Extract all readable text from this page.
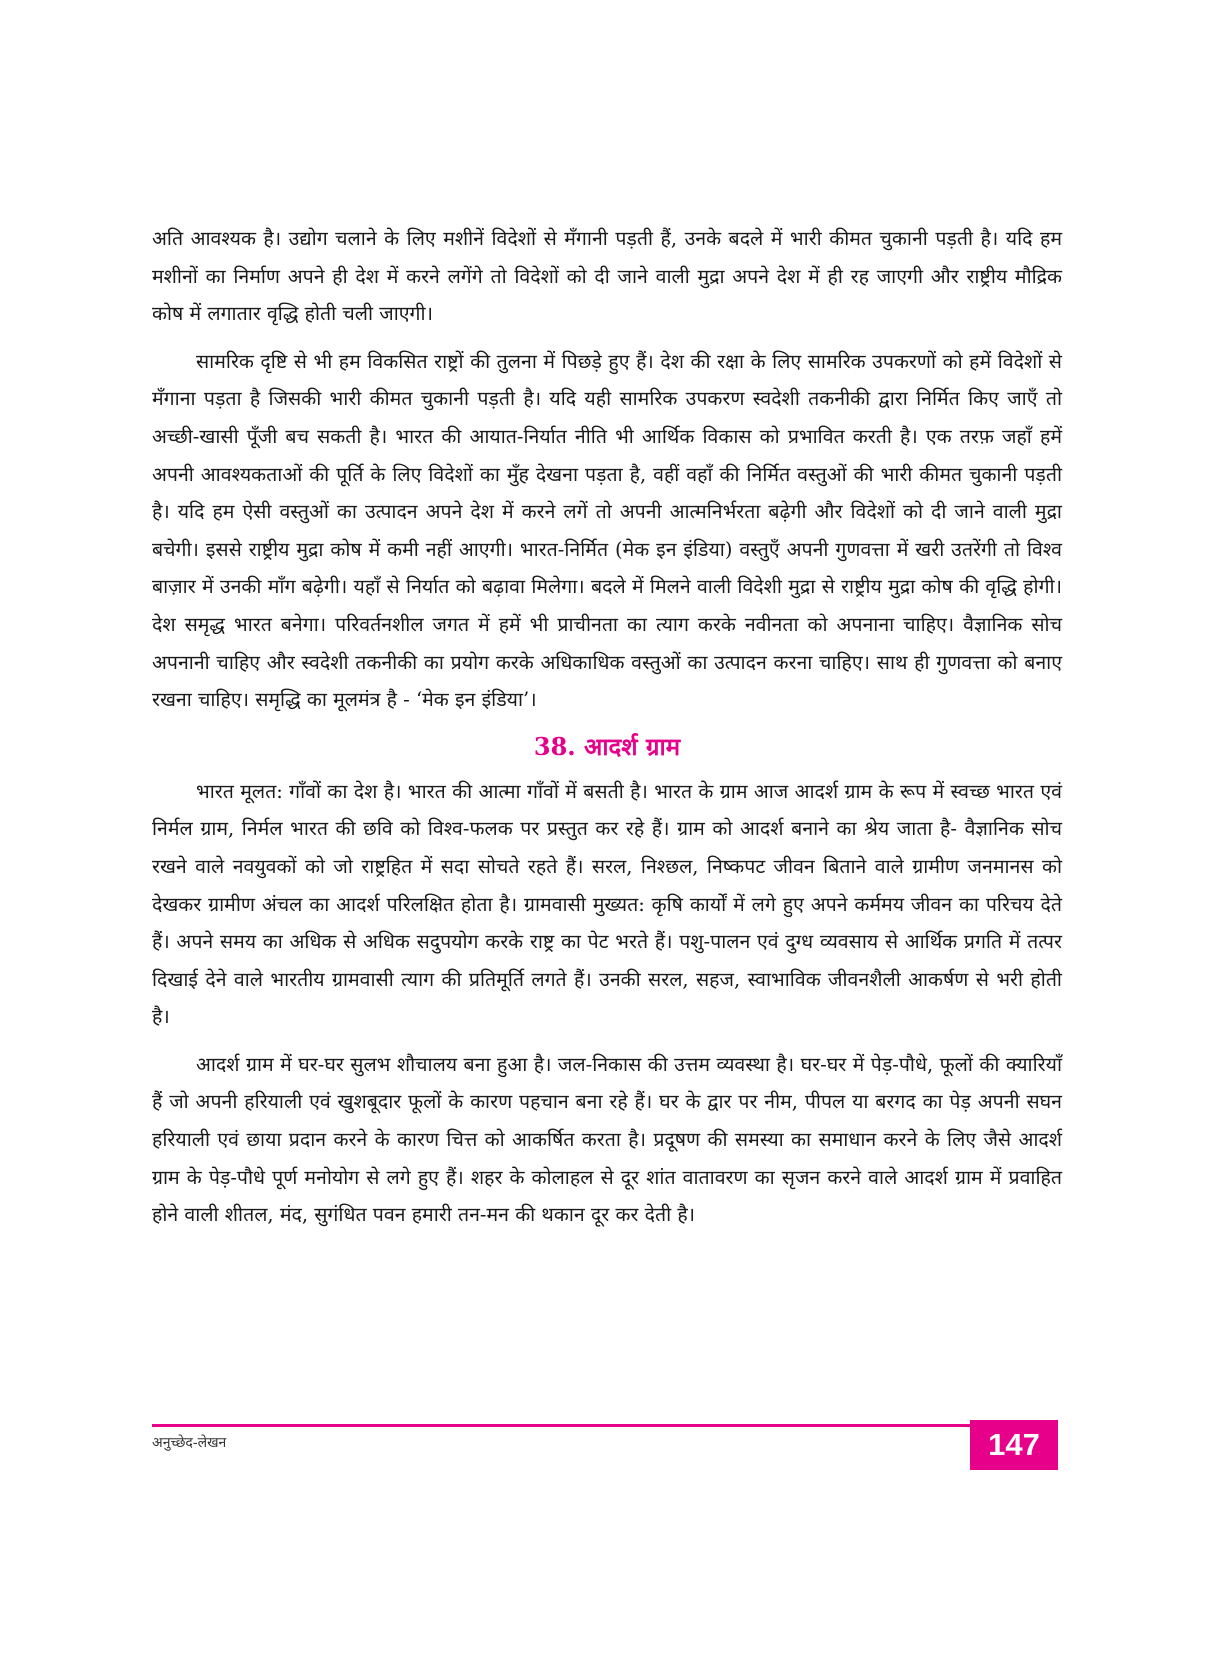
अति आवश्यक है। उद्योग चलाने के लिए मशीनें विदेशों से मँगानी पड़ती हैं, उनके बदले में भारी कीमत चुकानी पड़ती है। यदि हम मशीनों का निर्माण अपने ही देश में करने लगेंगे तो विदेशों को दी जाने वाली मुद्रा अपने देश में ही रह जाएगी और राष्ट्रीय मौद्रिक कोष में लगातार वृद्धि होती चली जाएगी।

सामरिक दृष्टि से भी हम विकसित राष्ट्रों की तुलना में पिछड़े हुए हैं। देश की रक्षा के लिए सामरिक उपकरणों को हमें विदेशों से मँगाना पड़ता है जिसकी भारी कीमत चुकानी पड़ती है। यदि यही सामरिक उपकरण स्वदेशी तकनीकी द्वारा निर्मित किए जाएँ तो अच्छी-खासी पूँजी बच सकती है। भारत की आयात-निर्यात नीति भी आर्थिक विकास को प्रभावित करती है। एक तरफ़ जहाँ हमें अपनी आवश्यकताओं की पूर्ति के लिए विदेशों का मुँह देखना पड़ता है, वहीं वहाँ की निर्मित वस्तुओं की भारी कीमत चुकानी पड़ती है। यदि हम ऐसी वस्तुओं का उत्पादन अपने देश में करने लगें तो अपनी आत्मनिर्भरता बढ़ेगी और विदेशों को दी जाने वाली मुद्रा बचेगी। इससे राष्ट्रीय मुद्रा कोष में कमी नहीं आएगी। भारत-निर्मित (मेक इन इंडिया) वस्तुएँ अपनी गुणवत्ता में खरी उतरेंगी तो विश्व बाज़ार में उनकी माँग बढ़ेगी। यहाँ से निर्यात को बढ़ावा मिलेगा। बदले में मिलने वाली विदेशी मुद्रा से राष्ट्रीय मुद्रा कोष की वृद्धि होगी। देश समृद्ध भारत बनेगा। परिवर्तनशील जगत में हमें भी प्राचीनता का त्याग करके नवीनता को अपनाना चाहिए। वैज्ञानिक सोच अपनानी चाहिए और स्वदेशी तकनीकी का प्रयोग करके अधिकाधिक वस्तुओं का उत्पादन करना चाहिए। साथ ही गुणवत्ता को बनाए रखना चाहिए। समृद्धि का मूलमंत्र है - ‘मेक इन इंडिया’।

38. आदर्श ग्राम

भारत मूलत: गाँवों का देश है। भारत की आत्मा गाँवों में बसती है। भारत के ग्राम आज आदर्श ग्राम के रूप में स्वच्छ भारत एवं निर्मल ग्राम, निर्मल भारत की छवि को विश्व-फलक पर प्रस्तुत कर रहे हैं। ग्राम को आदर्श बनाने का श्रेय जाता है- वैज्ञानिक सोच रखने वाले नवयुवकों को जो राष्ट्रहित में सदा सोचते रहते हैं। सरल, निश्छल, निष्कपट जीवन बिताने वाले ग्रामीण जनमानस को देखकर ग्रामीण अंचल का आदर्श परिलक्षित होता है। ग्रामवासी मुख्यत: कृषि कार्यों में लगे हुए अपने कर्ममय जीवन का परिचय देते हैं। अपने समय का अधिक से अधिक सदुपयोग करके राष्ट्र का पेट भरते हैं। पशु-पालन एवं दुग्ध व्यवसाय से आर्थिक प्रगति में तत्पर दिखाई देने वाले भारतीय ग्रामवासी त्याग की प्रतिमूर्ति लगते हैं। उनकी सरल, सहज, स्वाभाविक जीवनशैली आकर्षण से भरी होती है।

आदर्श ग्राम में घर-घर सुलभ शौचालय बना हुआ है। जल-निकास की उत्तम व्यवस्था है। घर-घर में पेड़-पौधे, फूलों की क्यारियाँ हैं जो अपनी हरियाली एवं खुशबूदार फूलों के कारण पहचान बना रहे हैं। घर के द्वार पर नीम, पीपल या बरगद का पेड़ अपनी सघन हरियाली एवं छाया प्रदान करने के कारण चित्त को आकर्षित करता है। प्रदूषण की समस्या का समाधान करने के लिए जैसे आदर्श ग्राम के पेड़-पौधे पूर्ण मनोयोग से लगे हुए हैं। शहर के कोलाहल से दूर शांत वातावरण का सृजन करने वाले आदर्श ग्राम में प्रवाहित होने वाली शीतल, मंद, सुगंधित पवन हमारी तन-मन की थकान दूर कर देती है।

अनुच्छेद-लेखन	147
